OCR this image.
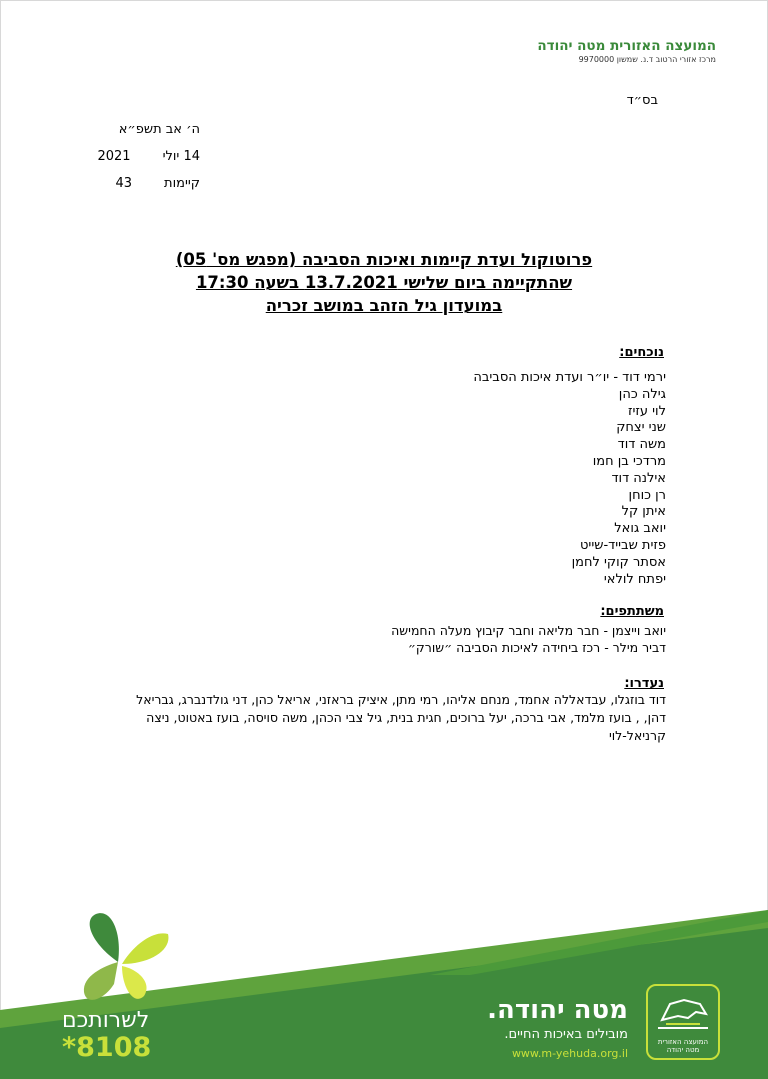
המועצה האזורית מטה יהודה
מרכז אזורי הרטוב ד.נ. שמשון 9970000
בס״ד
ה׳ אב תשפ״א
14 יולי2021
קיימות43
פרוטוקול ועדת קיימות ואיכות הסביבה (מפגש מס' 05)
שהתקיימה ביום שלישי 13.7.2021 בשעה 17:30
במועדון גיל הזהב במושב זכריה
נוכחים:
ירמי דוד - יו״ר ועדת איכות הסביבה
גילה כהן
לוי עזיז
שני יצחק
משה דוד
מרדכי בן חמו
אילנה דוד
רן כוחן
איתן קל
יואב גואל
פזית שבייד-שייט
אסתר קוקי לחמן
יפתח לולאי
משתתפים:
יואב וייצמן - חבר מליאה וחבר קיבוץ מעלה החמישה
דביר מילר - רכז ביחידה לאיכות הסביבה ״שורק״
נעדרו:
דוד בוזגלו, עבדאללה אחמד, מנחם אליהו, רמי מתן, איציק בראזני, אריאל כהן, דני גולדנברג, גבריאל דהן, , בועז מלמד, אבי ברכה, יעל ברוכים, חגית בנית, גיל צבי הכהן, משה סויסה, בועז באטוט, ניצה קרניאל-לוי
המועצה האזורית
מטה יהודה
מטה יהודה.
מובילים באיכות החיים.
www.m-yehuda.org.il
לשרותכם
*8108
